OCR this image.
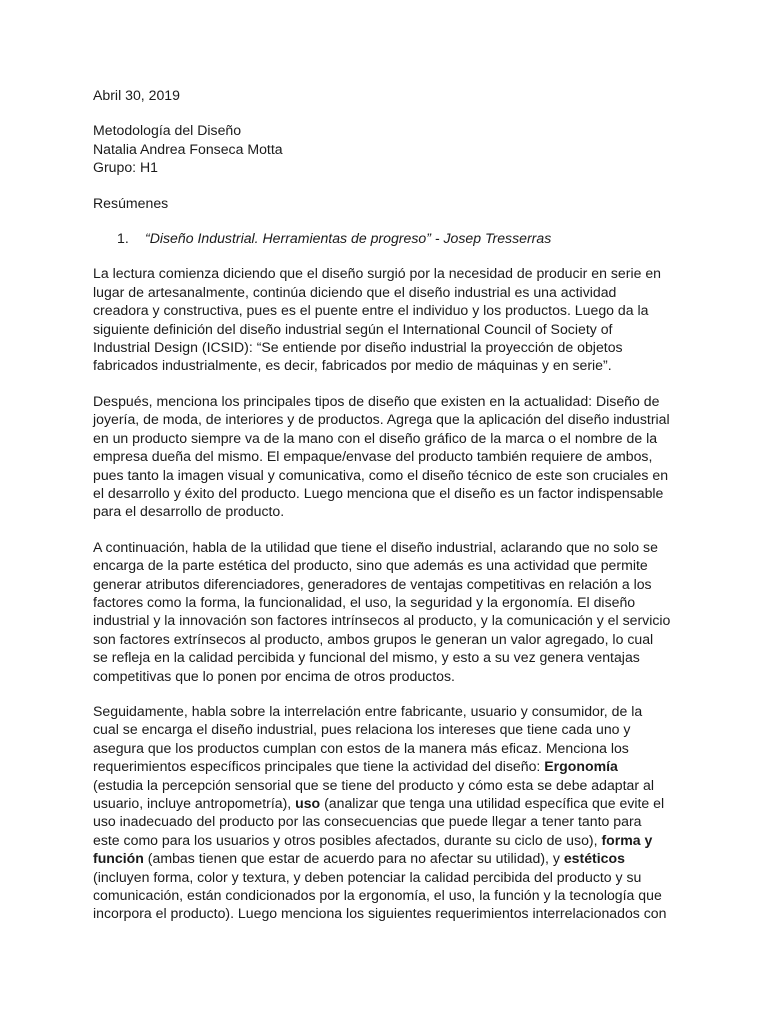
Abril 30, 2019
Metodología del Diseño
Natalia Andrea Fonseca Motta
Grupo: H1
Resúmenes
1. “Diseño Industrial. Herramientas de progreso” - Josep Tresserras
La lectura comienza diciendo que el diseño surgió por la necesidad de producir en serie en
lugar de artesanalmente, continúa diciendo que el diseño industrial es una actividad
creadora y constructiva, pues es el puente entre el individuo y los productos. Luego da la
siguiente definición del diseño industrial según el International Council of Society of
Industrial Design (ICSID): “Se entiende por diseño industrial la proyección de objetos
fabricados industrialmente, es decir, fabricados por medio de máquinas y en serie”.
Después, menciona los principales tipos de diseño que existen en la actualidad: Diseño de
joyería, de moda, de interiores y de productos. Agrega que la aplicación del diseño industrial
en un producto siempre va de la mano con el diseño gráfico de la marca o el nombre de la
empresa dueña del mismo. El empaque/envase del producto también requiere de ambos,
pues tanto la imagen visual y comunicativa, como el diseño técnico de este son cruciales en
el desarrollo y éxito del producto. Luego menciona que el diseño es un factor indispensable
para el desarrollo de producto.
A continuación, habla de la utilidad que tiene el diseño industrial, aclarando que no solo se
encarga de la parte estética del producto, sino que además es una actividad que permite
generar atributos diferenciadores, generadores de ventajas competitivas en relación a los
factores como la forma, la funcionalidad, el uso, la seguridad y la ergonomía. El diseño
industrial y la innovación son factores intrínsecos al producto, y la comunicación y el servicio
son factores extrínsecos al producto, ambos grupos le generan un valor agregado, lo cual
se refleja en la calidad percibida y funcional del mismo, y esto a su vez genera ventajas
competitivas que lo ponen por encima de otros productos.
Seguidamente, habla sobre la interrelación entre fabricante, usuario y consumidor, de la
cual se encarga el diseño industrial, pues relaciona los intereses que tiene cada uno y
asegura que los productos cumplan con estos de la manera más eficaz. Menciona los
requerimientos específicos principales que tiene la actividad del diseño: Ergonomía
(estudia la percepción sensorial que se tiene del producto y cómo esta se debe adaptar al
usuario, incluye antropometría), uso (analizar que tenga una utilidad específica que evite el
uso inadecuado del producto por las consecuencias que puede llegar a tener tanto para
este como para los usuarios y otros posibles afectados, durante su ciclo de uso), forma y
función (ambas tienen que estar de acuerdo para no afectar su utilidad), y estéticos
(incluyen forma, color y textura, y deben potenciar la calidad percibida del producto y su
comunicación, están condicionados por la ergonomía, el uso, la función y la tecnología que
incorpora el producto). Luego menciona los siguientes requerimientos interrelacionados con
